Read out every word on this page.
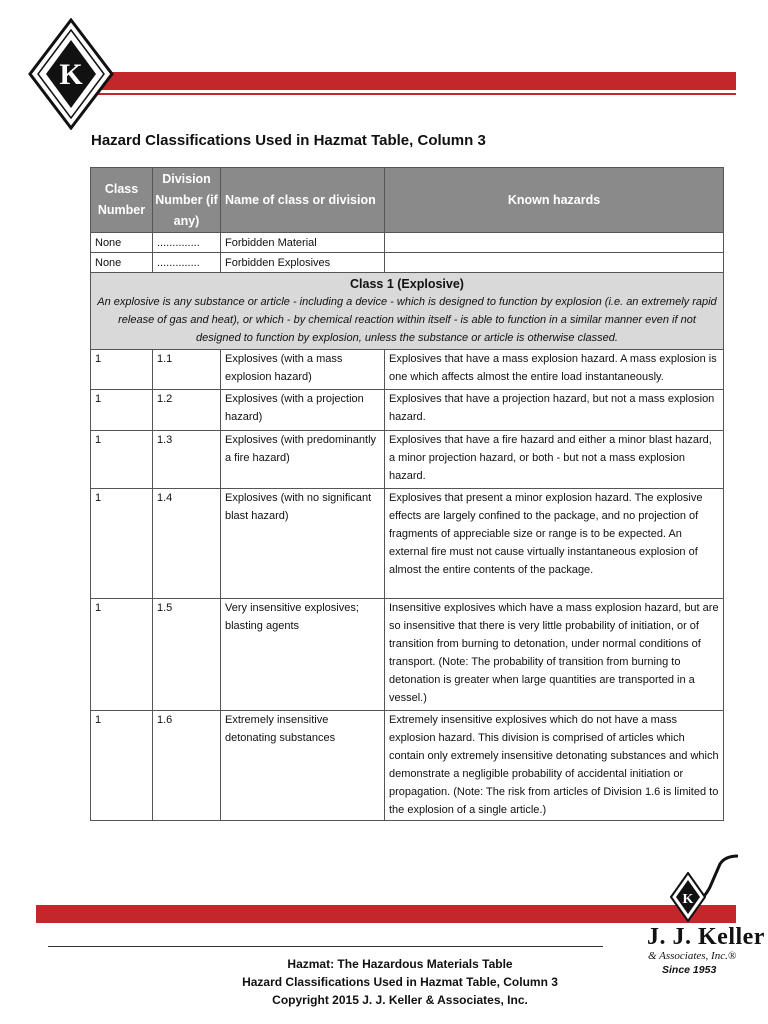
K
Hazard Classifications Used in Hazmat Table, Column 3
Class Number	Division Number (if any)	Name of class or division	Known hazards
None	..............	Forbidden Material	
None	..............	Forbidden Explosives	

Class 1 (Explosive)
An explosive is any substance or article - including a device - which is designed to function by explosion (i.e. an extremely rapid release of gas and heat), or which - by chemical reaction within itself - is able to function in a similar manner even if not designed to function by explosion, unless the substance or article is otherwise classed.			

1	1.1	Explosives (with a mass explosion hazard)	Explosives that have a mass explosion hazard. A mass explosion is one which affects almost the entire load instantaneously.

1	1.2	Explosives (with a projection hazard)	Explosives that have a projection hazard, but not a mass explosion hazard.
1	1.3	Explosives (with predominantly a fire hazard)	Explosives that have a fire hazard and either a minor blast hazard, a minor projection hazard, or both - but not a mass explosion hazard.
1	1.4	Explosives (with no significant blast hazard)	Explosives that present a minor explosion hazard. The explosive effects are largely confined to the package, and no projection of fragments of appreciable size or range is to be expected. An external fire must not cause virtually instantaneous explosion of almost the entire contents of the package.
1	1.5	Very insensitive explosives; blasting agents	Insensitive explosives which have a mass explosion hazard, but are so insensitive that there is very little probability of initiation, or of transition from burning to detonation, under normal conditions of transport. (Note: The probability of transition from burning to detonation is greater when large quantities are transported in a vessel.)
1	1.6	Extremely insensitive detonating substances	Extremely insensitive explosives which do not have a mass explosion hazard. This division is comprised of articles which contain only extremely insensitive detonating substances and which demonstrate a negligible probability of accidental initiation or propagation. (Note: The risk from articles of Division 1.6 is limited to the explosion of a single article.)
K
J. J. Keller
& Associates, Inc.®
Since 1953
Hazmat: The Hazardous Materials Table
Hazard Classifications Used in Hazmat Table, Column 3
Copyright 2015 J. J. Keller & Associates, Inc.
